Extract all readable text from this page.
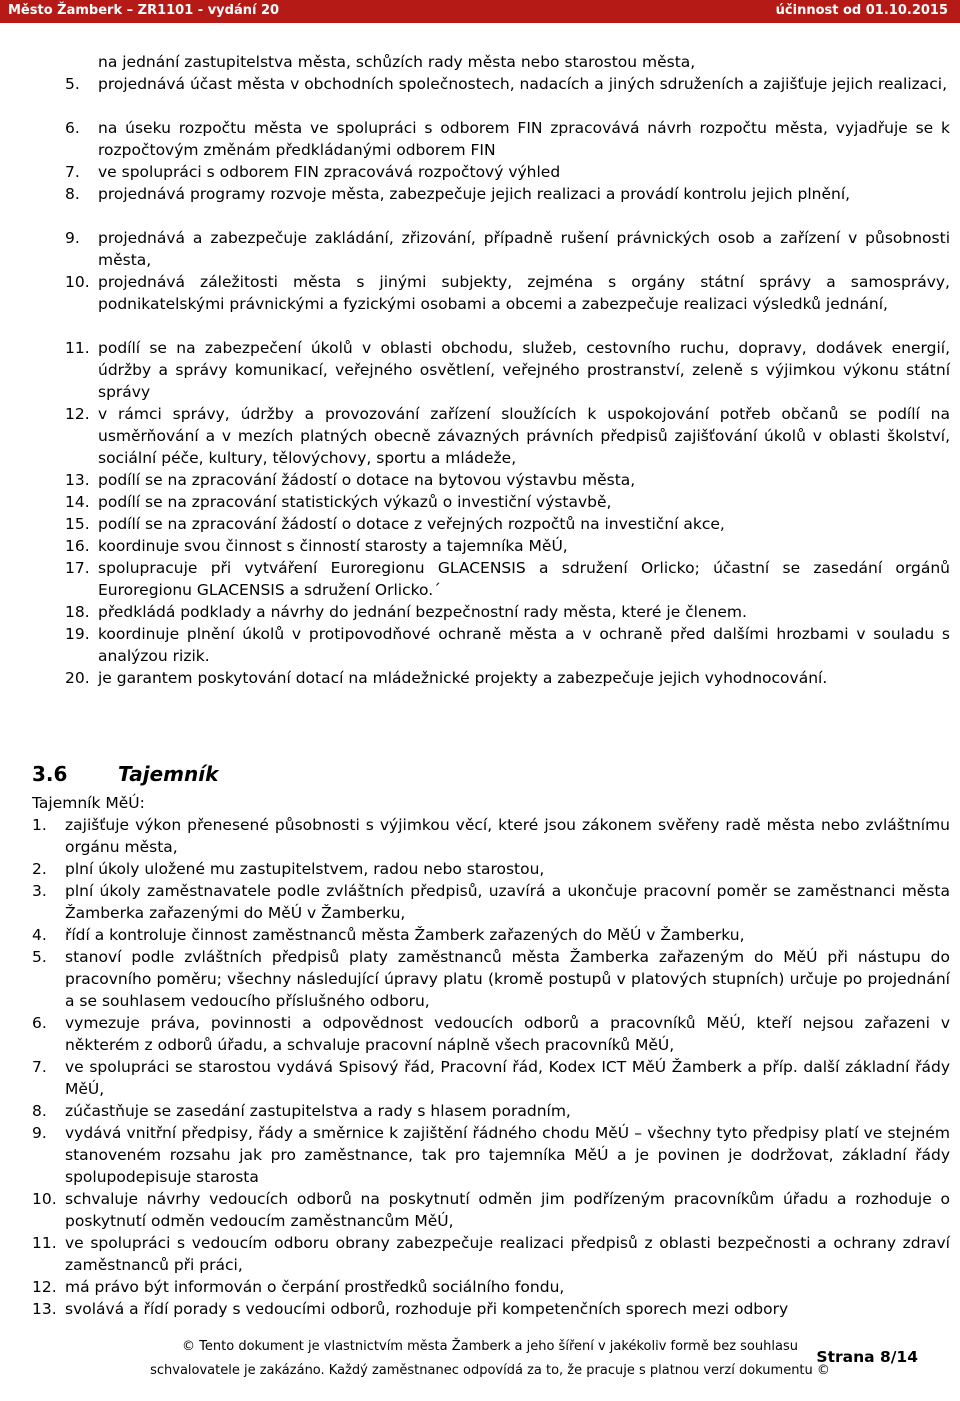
Město Žamberk – ZR1101 - vydání 20	účinnost od 01.10.2015
na jednání zastupitelstva města, schůzích rady města nebo starostou města,
5. projednává účast města v obchodních společnostech, nadacích a jiných sdruženích a zajišťuje jejich realizaci,
6. na úseku rozpočtu města ve spolupráci s odborem FIN zpracovává návrh rozpočtu města, vyjadřuje se k rozpočtovým změnám předkládanými odborem FIN
7. ve spolupráci s odborem FIN zpracovává rozpočtový výhled
8. projednává programy rozvoje města, zabezpečuje jejich realizaci a provádí kontrolu jejich plnění,
9. projednává a zabezpečuje zakládání, zřizování, případně rušení právnických osob a zařízení v působnosti města,
10. projednává záležitosti města s jinými subjekty, zejména s orgány státní správy a samosprávy, podnikatelskými právnickými a fyzickými osobami a obcemi a zabezpečuje realizaci výsledků jednání,
11. podílí se na zabezpečení úkolů v oblasti obchodu, služeb, cestovního ruchu, dopravy, dodávek energií, údržby a správy komunikací, veřejného osvětlení, veřejného prostranství, zeleně s výjimkou výkonu státní správy
12. v rámci správy, údržby a provozování zařízení sloužících k uspokojování potřeb občanů se podílí na usměrňování a v mezích platných obecně závazných právních předpisů zajišťování úkolů v oblasti školství, sociální péče, kultury, tělovýchovy, sportu a mládeže,
13. podílí se na zpracování žádostí o dotace na bytovou výstavbu města,
14. podílí se na zpracování statistických výkazů o investiční výstavbě,
15. podílí se na zpracování žádostí o dotace z veřejných rozpočtů na investiční akce,
16. koordinuje svou činnost s činností starosty a tajemníka MěÚ,
17. spolupracuje při vytváření Euroregionu GLACENSIS a sdružení Orlicko; účastní se zasedání orgánů Euroregionu GLACENSIS a sdružení Orlicko.´
18. předkládá podklady a návrhy do jednání bezpečnostní rady města, které je členem.
19. koordinuje plnění úkolů v protipovodňové ochraně města a v ochraně před dalšími hrozbami v souladu s analýzou rizik.
20. je garantem poskytování dotací na mládežnické projekty a zabezpečuje jejich vyhodnocování.
3.6	Tajemník
Tajemník MěÚ:
1. zajišťuje výkon přenesené působnosti s výjimkou věcí, které jsou zákonem svěřeny radě města nebo zvláštnímu orgánu města,
2. plní úkoly uložené mu zastupitelstvem, radou nebo starostou,
3. plní úkoly zaměstnavatele podle zvláštních předpisů, uzavírá a ukončuje pracovní poměr se zaměstnanci města Žamberka zařazenými do MěÚ v Žamberku,
4. řídí a kontroluje činnost zaměstnanců města Žamberk zařazených do MěÚ v Žamberku,
5. stanoví podle zvláštních předpisů platy zaměstnanců města Žamberka zařazeným do MěÚ při nástupu do pracovního poměru; všechny následující úpravy platu (kromě postupů v platových stupních) určuje po projednání a se souhlasem vedoucího příslušného odboru,
6. vymezuje práva, povinnosti a odpovědnost vedoucích odborů a pracovníků MěÚ, kteří nejsou zařazeni v některém z odborů úřadu, a schvaluje pracovní náplně všech pracovníků MěÚ,
7. ve spolupráci se starostou vydává Spisový řád, Pracovní řád, Kodex ICT MěÚ Žamberk a příp. další základní řády MěÚ,
8. zúčastňuje se zasedání zastupitelstva a rady s hlasem poradním,
9. vydává vnitřní předpisy, řády a směrnice k zajištění řádného chodu MěÚ – všechny tyto předpisy platí ve stejném stanoveném rozsahu jak pro zaměstnance, tak pro tajemníka MěÚ a je povinen je dodržovat, základní řády spolupodepisuje starosta
10. schvaluje návrhy vedoucích odborů na poskytnutí odměn jim podřízeným pracovníkům úřadu a rozhoduje o poskytnutí odměn vedoucím zaměstnancům MěÚ,
11. ve spolupráci s vedoucím odboru obrany zabezpečuje realizaci předpisů z oblasti bezpečnosti a ochrany zdraví zaměstnanců při práci,
12. má právo být informován o čerpání prostředků sociálního fondu,
13. svolává a řídí porady s vedoucími odborů, rozhoduje při kompetenčních sporech mezi odbory
© Tento dokument je vlastnictvím města Žamberk a jeho šíření v jakékoliv formě bez souhlasu
schvalovatele je zakázáno. Každý zaměstnanec odpovídá za to, že pracuje s platnou verzí dokumentu ©
Strana 8/14
